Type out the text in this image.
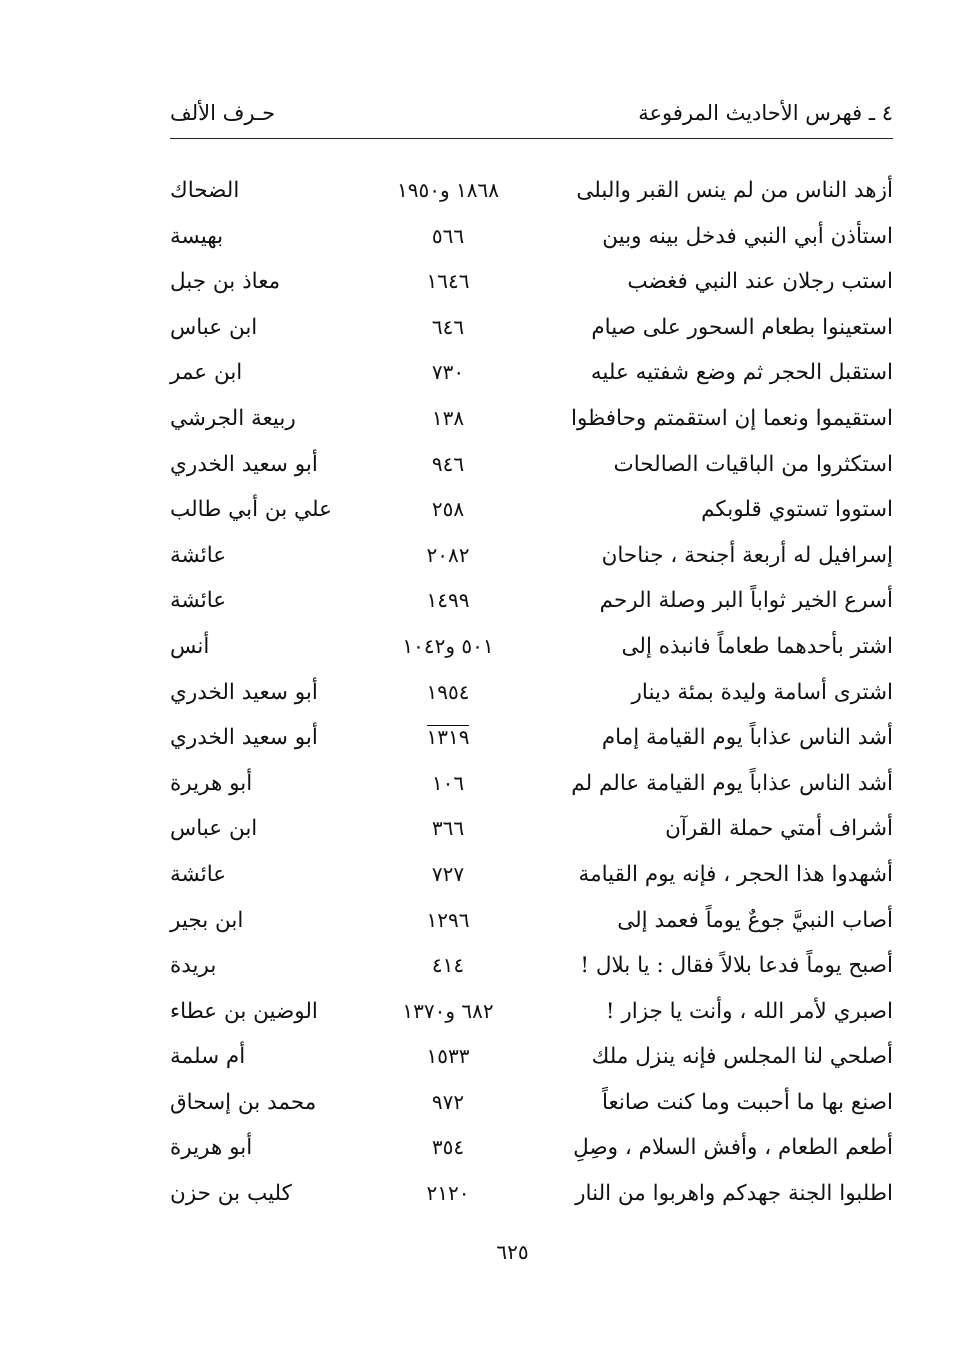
٤ ـ فهرس الأحاديث المرفوعة
حـرف الألف
أزهد الناس من لم ينس القبر والبلى
١٨٦٨ و١٩٥٠
الضحاك
استأذن أبي النبي فدخل بينه وبين
٥٦٦
بهيسة
استب رجلان عند النبي فغضب
١٦٤٦
معاذ بن جبل
استعينوا بطعام السحور على صيام
٦٤٦
ابن عباس
استقبل الحجر ثم وضع شفتيه عليه
٧٣٠
ابن عمر
استقيموا ونعما إن استقمتم وحافظوا
١٣٨
ربيعة الجرشي
استكثروا من الباقيات الصالحات
٩٤٦
أبو سعيد الخدري
استووا تستوي قلوبكم
٢٥٨
علي بن أبي طالب
إسرافيل له أربعة أجنحة ، جناحان
٢٠٨٢
عائشة
أسرع الخير ثواباً البر وصلة الرحم
١٤٩٩
عائشة
اشتر بأحدهما طعاماً فانبذه إلى
٥٠١ و١٠٤٢
أنس
اشترى أسامة وليدة بمئة دينار
١٩٥٤
أبو سعيد الخدري
أشد الناس عذاباً يوم القيامة إمام
١٣١٩
أبو سعيد الخدري
أشد الناس عذاباً يوم القيامة عالم لم
١٠٦
أبو هريرة
أشراف أمتي حملة القرآن
٣٦٦
ابن عباس
أشهدوا هذا الحجر ، فإنه يوم القيامة
٧٢٧
عائشة
أصاب النبيَّ جوعٌ يوماً فعمد إلى
١٢٩٦
ابن بجير
أصبح يوماً فدعا بلالاً فقال : يا بلال !
٤١٤
بريدة
اصبري لأمر الله ، وأنت يا جزار !
٦٨٢ و١٣٧٠
الوضين بن عطاء
أصلحي لنا المجلس فإنه ينزل ملك
١٥٣٣
أم سلمة
اصنع بها ما أحببت وما كنت صانعاً
٩٧٢
محمد بن إسحاق
أطعم الطعام ، وأفش السلام ، وصِلِ
٣٥٤
أبو هريرة
اطلبوا الجنة جهدكم واهربوا من النار
٢١٢٠
كليب بن حزن
٦٢٥
